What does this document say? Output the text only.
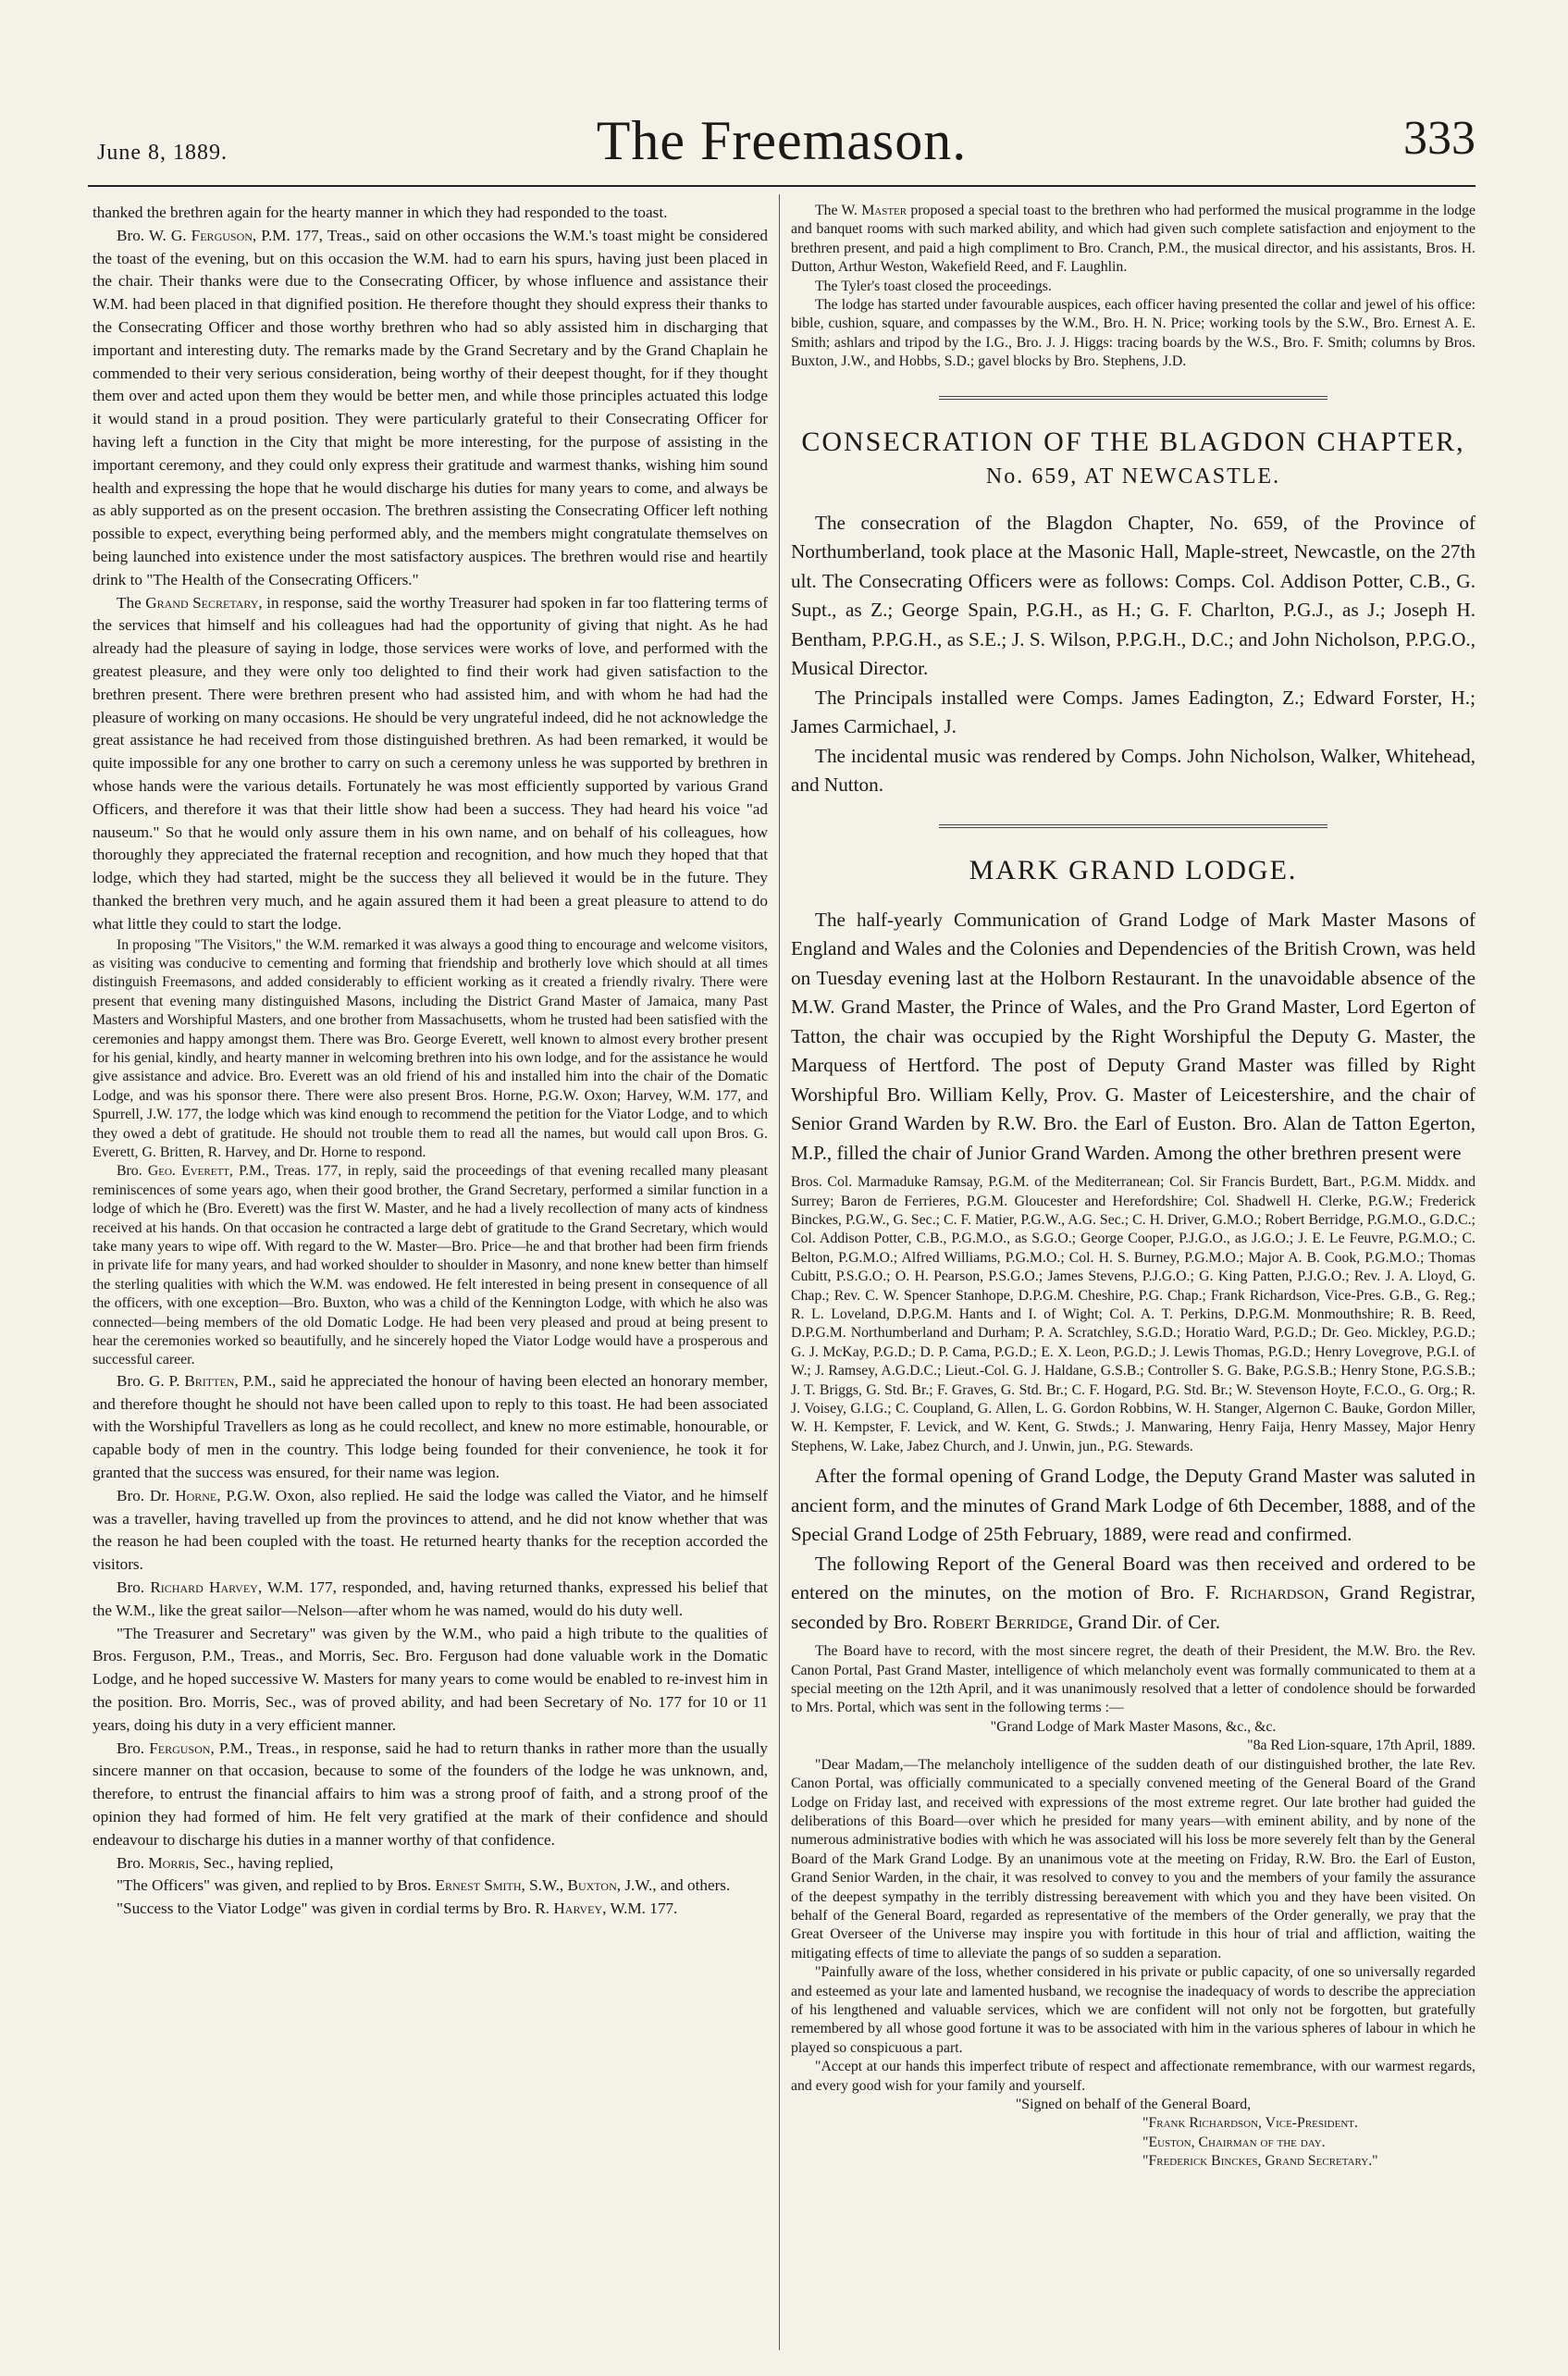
June 8, 1889.	The Freemason.	333

thanked the brethren again for the hearty manner in which they had responded to the toast.

Bro. W. G. Ferguson, P.M. 177, Treas., said on other occasions the W.M.'s toast might be considered the toast of the evening, but on this occasion the W.M. had to earn his spurs, having just been placed in the chair. Their thanks were due to the Consecrating Officer, by whose influence and assistance their W.M. had been placed in that dignified position. He therefore thought they should express their thanks to the Consecrating Officer and those worthy brethren who had so ably assisted him in discharging that important and interesting duty. The remarks made by the Grand Secretary and by the Grand Chaplain he commended to their very serious consideration, being worthy of their deepest thought, for if they thought them over and acted upon them they would be better men, and while those principles actuated this lodge it would stand in a proud position. They were particularly grateful to their Consecrating Officer for having left a function in the City that might be more interesting, for the purpose of assisting in the important ceremony, and they could only express their gratitude and warmest thanks, wishing him sound health and expressing the hope that he would discharge his duties for many years to come, and always be as ably supported as on the present occasion. The brethren assisting the Consecrating Officer left nothing possible to expect, everything being performed ably, and the members might congratulate themselves on being launched into existence under the most satisfactory auspices. The brethren would rise and heartily drink to "The Health of the Consecrating Officers."

The Grand Secretary, in response, said the worthy Treasurer had spoken in far too flattering terms of the services that himself and his colleagues had had the opportunity of giving that night. As he had already had the pleasure of saying in lodge, those services were works of love, and performed with the greatest pleasure, and they were only too delighted to find their work had given satisfaction to the brethren present. There were brethren present who had assisted him, and with whom he had had the pleasure of working on many occasions. He should be very ungrateful indeed, did he not acknowledge the great assistance he had received from those distinguished brethren. As had been remarked, it would be quite impossible for any one brother to carry on such a ceremony unless he was supported by brethren in whose hands were the various details. Fortunately he was most efficiently supported by various Grand Officers, and therefore it was that their little show had been a success. They had heard his voice "ad nauseum." So that he would only assure them in his own name, and on behalf of his colleagues, how thoroughly they appreciated the fraternal reception and recognition, and how much they hoped that that lodge, which they had started, might be the success they all believed it would be in the future. They thanked the brethren very much, and he again assured them it had been a great pleasure to attend to do what little they could to start the lodge.

In proposing "The Visitors," the W.M. remarked it was always a good thing to encourage and welcome visitors, as visiting was conducive to cementing and forming that friendship and brotherly love which should at all times distinguish Freemasons, and added considerably to efficient working as it created a friendly rivalry. There were present that evening many distinguished Masons, including the District Grand Master of Jamaica, many Past Masters and Worshipful Masters, and one brother from Massachusetts, whom he trusted had been satisfied with the ceremonies and happy amongst them. There was Bro. George Everett, well known to almost every brother present for his genial, kindly, and hearty manner in welcoming brethren into his own lodge, and for the assistance he would give assistance and advice. Bro. Everett was an old friend of his and installed him into the chair of the Domatic Lodge, and was his sponsor there. There were also present Bros. Horne, P.G.W. Oxon; Harvey, W.M. 177, and Spurrell, J.W. 177, the lodge which was kind enough to recommend the petition for the Viator Lodge, and to which they owed a debt of gratitude. He should not trouble them to read all the names, but would call upon Bros. G. Everett, G. Britten, R. Harvey, and Dr. Horne to respond.

Bro. Geo. Everett, P.M., Treas. 177, in reply, said the proceedings of that evening recalled many pleasant reminiscences of some years ago, when their good brother, the Grand Secretary, performed a similar function in a lodge of which he (Bro. Everett) was the first W. Master, and he had a lively recollection of many acts of kindness received at his hands. On that occasion he contracted a large debt of gratitude to the Grand Secretary, which would take many years to wipe off. With regard to the W. Master—Bro. Price—he and that brother had been firm friends in private life for many years, and had worked shoulder to shoulder in Masonry, and none knew better than himself the sterling qualities with which the W.M. was endowed. He felt interested in being present in consequence of all the officers, with one exception—Bro. Buxton, who was a child of the Kennington Lodge, with which he also was connected—being members of the old Domatic Lodge. He had been very pleased and proud at being present to hear the ceremonies worked so beautifully, and he sincerely hoped the Viator Lodge would have a prosperous and successful career.

Bro. G. P. Britten, P.M., said he appreciated the honour of having been elected an honorary member, and therefore thought he should not have been called upon to reply to this toast. He had been associated with the Worshipful Travellers as long as he could recollect, and knew no more estimable, honourable, or capable body of men in the country. This lodge being founded for their convenience, he took it for granted that the success was ensured, for their name was legion.

Bro. Dr. Horne, P.G.W. Oxon, also replied. He said the lodge was called the Viator, and he himself was a traveller, having travelled up from the provinces to attend, and he did not know whether that was the reason he had been coupled with the toast. He returned hearty thanks for the reception accorded the visitors.

Bro. Richard Harvey, W.M. 177, responded, and, having returned thanks, expressed his belief that the W.M., like the great sailor—Nelson—after whom he was named, would do his duty well.

"The Treasurer and Secretary" was given by the W.M., who paid a high tribute to the qualities of Bros. Ferguson, P.M., Treas., and Morris, Sec. Bro. Ferguson had done valuable work in the Domatic Lodge, and he hoped successive W. Masters for many years to come would be enabled to re-invest him in the position. Bro. Morris, Sec., was of proved ability, and had been Secretary of No. 177 for 10 or 11 years, doing his duty in a very efficient manner.

Bro. Ferguson, P.M., Treas., in response, said he had to return thanks in rather more than the usually sincere manner on that occasion, because to some of the founders of the lodge he was unknown, and, therefore, to entrust the financial affairs to him was a strong proof of faith, and a strong proof of the opinion they had formed of him. He felt very gratified at the mark of their confidence and should endeavour to discharge his duties in a manner worthy of that confidence.

Bro. Morris, Sec., having replied,

"The Officers" was given, and replied to by Bros. Ernest Smith, S.W., Buxton, J.W., and others.

"Success to the Viator Lodge" was given in cordial terms by Bro. R. Harvey, W.M. 177.

The W. Master proposed a special toast to the brethren who had performed the musical programme in the lodge and banquet rooms with such marked ability, and which had given such complete satisfaction and enjoyment to the brethren present, and paid a high compliment to Bro. Cranch, P.M., the musical director, and his assistants, Bros. H. Dutton, Arthur Weston, Wakefield Reed, and F. Laughlin.

The Tyler's toast closed the proceedings.

The lodge has started under favourable auspices, each officer having presented the collar and jewel of his office: bible, cushion, square, and compasses by the W.M., Bro. H. N. Price; working tools by the S.W., Bro. Ernest A. E. Smith; ashlars and tripod by the I.G., Bro. J. J. Higgs: tracing boards by the W.S., Bro. F. Smith; columns by Bros. Buxton, J.W., and Hobbs, S.D.; gavel blocks by Bro. Stephens, J.D.

CONSECRATION OF THE BLAGDON CHAPTER,

No. 659, AT NEWCASTLE.

The consecration of the Blagdon Chapter, No. 659, of the Province of Northumberland, took place at the Masonic Hall, Maple-street, Newcastle, on the 27th ult. The Consecrating Officers were as follows: Comps. Col. Addison Potter, C.B., G. Supt., as Z.; George Spain, P.G.H., as H.; G. F. Charlton, P.G.J., as J.; Joseph H. Bentham, P.P.G.H., as S.E.; J. S. Wilson, P.P.G.H., D.C.; and John Nicholson, P.P.G.O., Musical Director.

The Principals installed were Comps. James Eadington, Z.; Edward Forster, H.; James Carmichael, J.

The incidental music was rendered by Comps. John Nicholson, Walker, Whitehead, and Nutton.

MARK GRAND LODGE.

The half-yearly Communication of Grand Lodge of Mark Master Masons of England and Wales and the Colonies and Dependencies of the British Crown, was held on Tuesday evening last at the Holborn Restaurant. In the unavoidable absence of the M.W. Grand Master, the Prince of Wales, and the Pro Grand Master, Lord Egerton of Tatton, the chair was occupied by the Right Worshipful the Deputy G. Master, the Marquess of Hertford. The post of Deputy Grand Master was filled by Right Worshipful Bro. William Kelly, Prov. G. Master of Leicestershire, and the chair of Senior Grand Warden by R.W. Bro. the Earl of Euston. Bro. Alan de Tatton Egerton, M.P., filled the chair of Junior Grand Warden. Among the other brethren present were

Bros. Col. Marmaduke Ramsay, P.G.M. of the Mediterranean; Col. Sir Francis Burdett, Bart., P.G.M. Middx. and Surrey; Baron de Ferrieres, P.G.M. Gloucester and Herefordshire; Col. Shadwell H. Clerke, P.G.W.; Frederick Binckes, P.G.W., G. Sec.; C. F. Matier, P.G.W., A.G. Sec.; C. H. Driver, G.M.O.; Robert Berridge, P.G.M.O., G.D.C.; Col. Addison Potter, C.B., P.G.M.O., as S.G.O.; George Cooper, P.J.G.O., as J.G.O.; J. E. Le Feuvre, P.G.M.O.; C. Belton, P.G.M.O.; Alfred Williams, P.G.M.O.; Col. H. S. Burney, P.G.M.O.; Major A. B. Cook, P.G.M.O.; Thomas Cubitt, P.S.G.O.; O. H. Pearson, P.S.G.O.; James Stevens, P.J.G.O.; G. King Patten, P.J.G.O.; Rev. J. A. Lloyd, G. Chap.; Rev. C. W. Spencer Stanhope, D.P.G.M. Cheshire, P.G. Chap.; Frank Richardson, Vice-Pres. G.B., G. Reg.; R. L. Loveland, D.P.G.M. Hants and I. of Wight; Col. A. T. Perkins, D.P.G.M. Monmouthshire; R. B. Reed, D.P.G.M. Northumberland and Durham; P. A. Scratchley, S.G.D.; Horatio Ward, P.G.D.; Dr. Geo. Mickley, P.G.D.; G. J. McKay, P.G.D.; D. P. Cama, P.G.D.; E. X. Leon, P.G.D.; J. Lewis Thomas, P.G.D.; Henry Lovegrove, P.G.I. of W.; J. Ramsey, A.G.D.C.; Lieut.-Col. G. J. Haldane, G.S.B.; Controller S. G. Bake, P.G.S.B.; Henry Stone, P.G.S.B.; J. T. Briggs, G. Std. Br.; F. Graves, G. Std. Br.; C. F. Hogard, P.G. Std. Br.; W. Stevenson Hoyte, F.C.O., G. Org.; R. J. Voisey, G.I.G.; C. Coupland, G. Allen, L. G. Gordon Robbins, W. H. Stanger, Algernon C. Bauke, Gordon Miller, W. H. Kempster, F. Levick, and W. Kent, G. Stwds.; J. Manwaring, Henry Faija, Henry Massey, Major Henry Stephens, W. Lake, Jabez Church, and J. Unwin, jun., P.G. Stewards.

After the formal opening of Grand Lodge, the Deputy Grand Master was saluted in ancient form, and the minutes of Grand Mark Lodge of 6th December, 1888, and of the Special Grand Lodge of 25th February, 1889, were read and confirmed.

The following Report of the General Board was then received and ordered to be entered on the minutes, on the motion of Bro. F. Richardson, Grand Registrar, seconded by Bro. Robert Berridge, Grand Dir. of Cer.

The Board have to record, with the most sincere regret, the death of their President, the M.W. Bro. the Rev. Canon Portal, Past Grand Master, intelligence of which melancholy event was formally communicated to them at a special meeting on the 12th April, and it was unanimously resolved that a letter of condolence should be forwarded to Mrs. Portal, which was sent in the following terms :—

"Grand Lodge of Mark Master Masons, &c., &c.

"8a Red Lion-square, 17th April, 1889.

"Dear Madam,—The melancholy intelligence of the sudden death of our distinguished brother, the late Rev. Canon Portal, was officially communicated to a specially convened meeting of the General Board of the Grand Lodge on Friday last, and received with expressions of the most extreme regret. Our late brother had guided the deliberations of this Board—over which he presided for many years—with eminent ability, and by none of the numerous administrative bodies with which he was associated will his loss be more severely felt than by the General Board of the Mark Grand Lodge. By an unanimous vote at the meeting on Friday, R.W. Bro. the Earl of Euston, Grand Senior Warden, in the chair, it was resolved to convey to you and the members of your family the assurance of the deepest sympathy in the terribly distressing bereavement with which you and they have been visited. On behalf of the General Board, regarded as representative of the members of the Order generally, we pray that the Great Overseer of the Universe may inspire you with fortitude in this hour of trial and affliction, waiting the mitigating effects of time to alleviate the pangs of so sudden a separation.

"Painfully aware of the loss, whether considered in his private or public capacity, of one so universally regarded and esteemed as your late and lamented husband, we recognise the inadequacy of words to describe the appreciation of his lengthened and valuable services, which we are confident will not only not be forgotten, but gratefully remembered by all whose good fortune it was to be associated with him in the various spheres of labour in which he played so conspicuous a part.

"Accept at our hands this imperfect tribute of respect and affectionate remembrance, with our warmest regards, and every good wish for your family and yourself.

"Signed on behalf of the General Board,

"Frank Richardson, Vice-President.

"Euston, Chairman of the day.

"Frederick Binckes, Grand Secretary."
